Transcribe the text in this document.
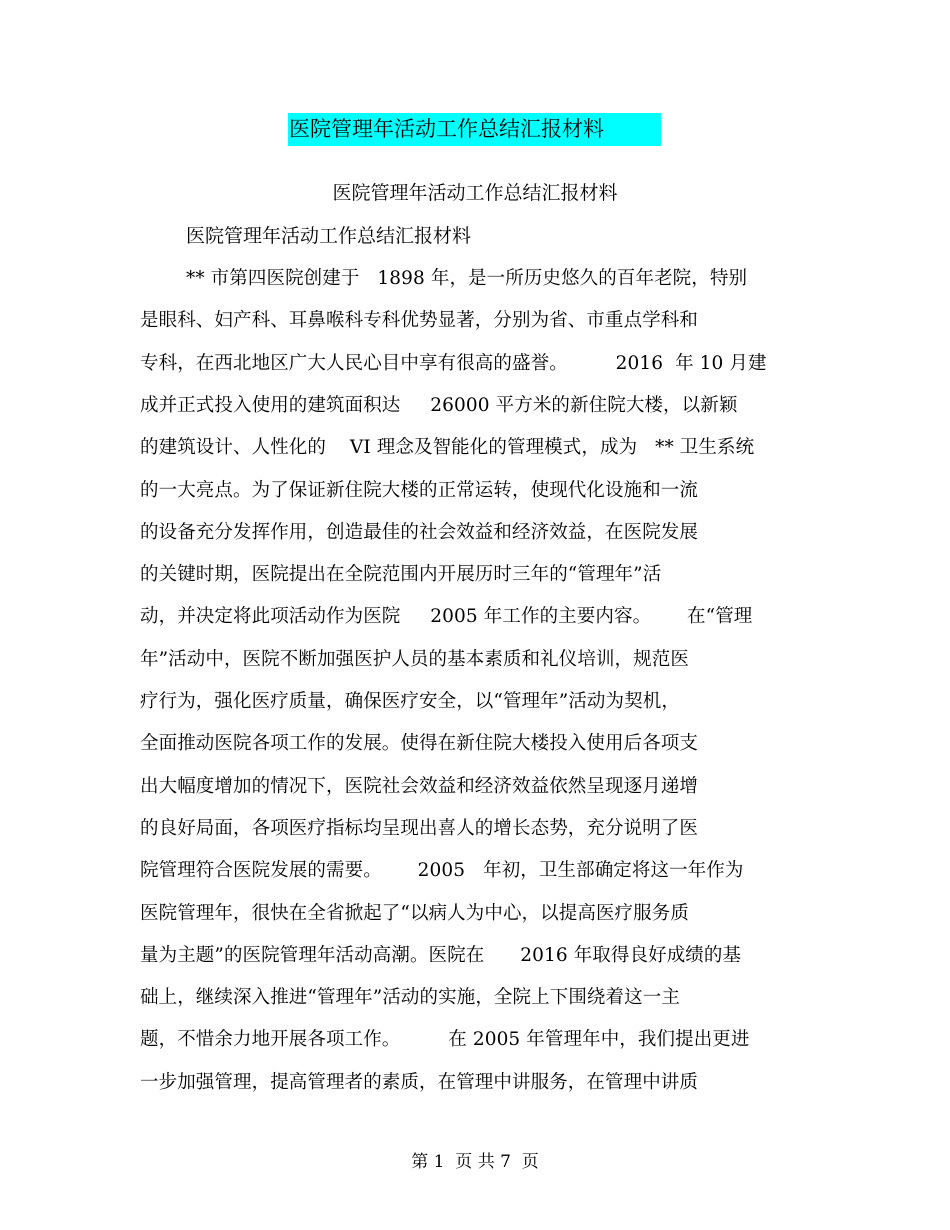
医院管理年活动工作总结汇报材料
医院管理年活动工作总结汇报材料
医院管理年活动工作总结汇报材料
** 市第四医院创建于   1898 年，是一所历史悠久的百年老院，特别
是眼科、妇产科、耳鼻喉科专科优势显著，分别为省、市重点学科和
专科，在西北地区广大人民心目中享有很高的盛誉。        2016  年 10 月建
成并正式投入使用的建筑面积达     26000 平方米的新住院大楼，以新颖
的建筑设计、人性化的    VI 理念及智能化的管理模式，成为   ** 卫生系统
的一大亮点。为了保证新住院大楼的正常运转，使现代化设施和一流
的设备充分发挥作用，创造最佳的社会效益和经济效益，在医院发展
的关键时期，医院提出在全院范围内开展历时三年的“管理年”活
动，并决定将此项活动作为医院     2005 年工作的主要内容。      在“管理
年”活动中，医院不断加强医护人员的基本素质和礼仪培训，规范医
疗行为，强化医疗质量，确保医疗安全，以“管理年”活动为契机，
全面推动医院各项工作的发展。使得在新住院大楼投入使用后各项支
出大幅度增加的情况下，医院社会效益和经济效益依然呈现逐月递增
的良好局面，各项医疗指标均呈现出喜人的增长态势，充分说明了医
院管理符合医院发展的需要。      2005   年初，卫生部确定将这一年作为
医院管理年，很快在全省掀起了“以病人为中心，以提高医疗服务质
量为主题”的医院管理年活动高潮。医院在      2016 年取得良好成绩的基
础上，继续深入推进“管理年”活动的实施，全院上下围绕着这一主
题，不惜余力地开展各项工作。        在 2005 年管理年中，我们提出更进
一步加强管理，提高管理者的素质，在管理中讲服务，在管理中讲质
第 1  页 共 7  页
